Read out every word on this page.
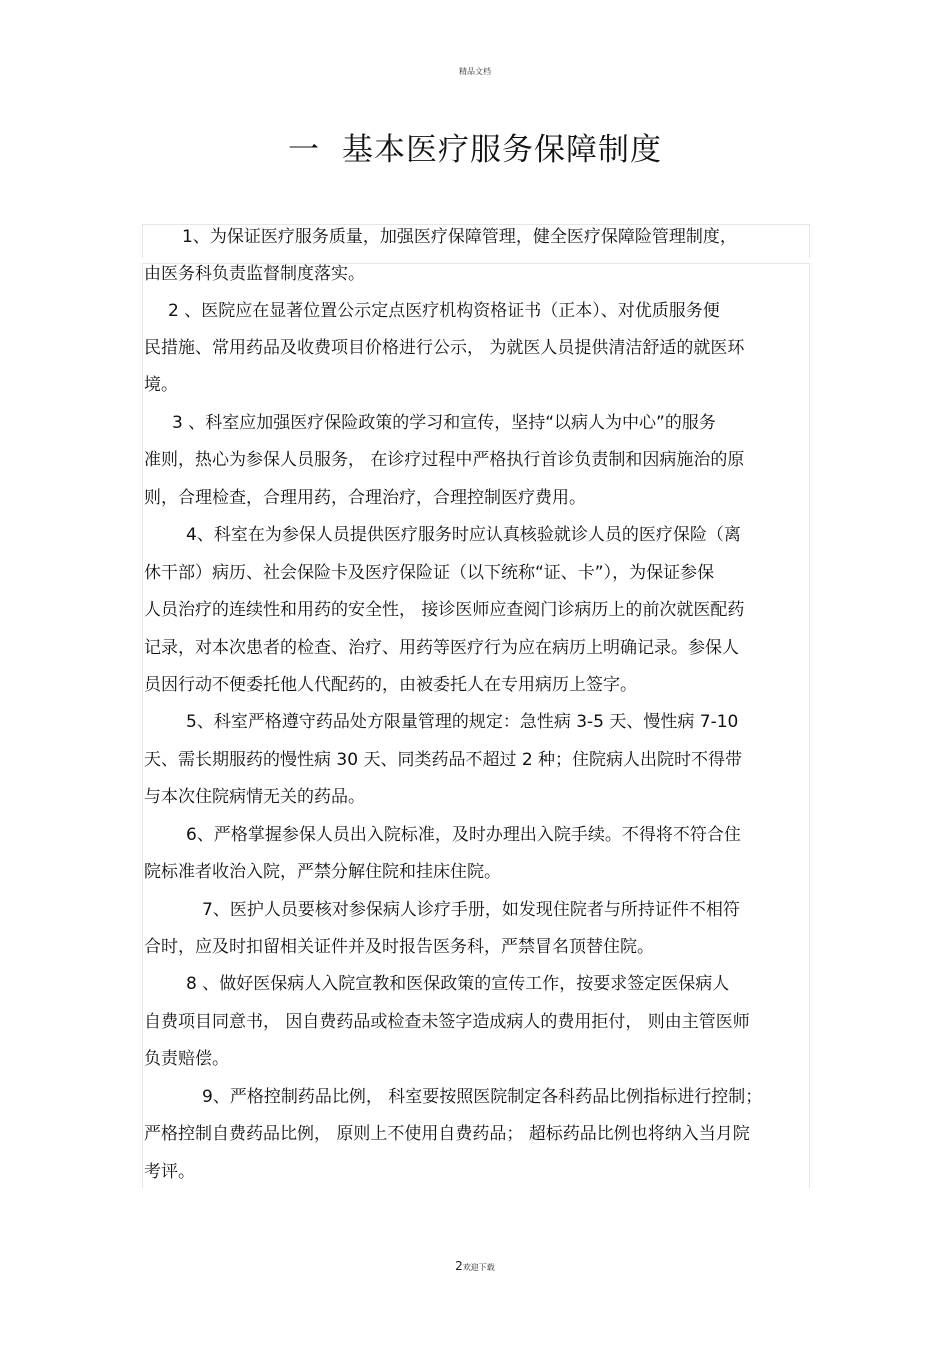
精品文档
一 基本医疗服务保障制度
1、为保证医疗服务质量，加强医疗保障管理，健全医疗保障险管理制度，
由医务科负责监督制度落实。
2 、医院应在显著位置公示定点医疗机构资格证书（正本）、对优质服务便
民措施、常用药品及收费项目价格进行公示， 为就医人员提供清洁舒适的就医环
境。
3 、科室应加强医疗保险政策的学习和宣传，坚持“以病人为中心”的服务
准则，热心为参保人员服务， 在诊疗过程中严格执行首诊负责制和因病施治的原
则，合理检查，合理用药，合理治疗，合理控制医疗费用。
4、科室在为参保人员提供医疗服务时应认真核验就诊人员的医疗保险（离
休干部）病历、社会保险卡及医疗保险证（以下统称“证、卡”），为保证参保
人员治疗的连续性和用药的安全性， 接诊医师应查阅门诊病历上的前次就医配药
记录，对本次患者的检查、治疗、用药等医疗行为应在病历上明确记录。参保人
员因行动不便委托他人代配药的，由被委托人在专用病历上签字。
5、科室严格遵守药品处方限量管理的规定：急性病 3-5 天、慢性病 7-10
天、需长期服药的慢性病 30 天、同类药品不超过 2 种；住院病人出院时不得带
与本次住院病情无关的药品。
6、严格掌握参保人员出入院标准，及时办理出入院手续。不得将不符合住
院标准者收治入院，严禁分解住院和挂床住院。
7、医护人员要核对参保病人诊疗手册，如发现住院者与所持证件不相符
合时，应及时扣留相关证件并及时报告医务科，严禁冒名顶替住院。
8 、做好医保病人入院宣教和医保政策的宣传工作，按要求签定医保病人
自费项目同意书， 因自费药品或检查未签字造成病人的费用拒付， 则由主管医师
负责赔偿。
9、严格控制药品比例， 科室要按照医院制定各科药品比例指标进行控制；
严格控制自费药品比例， 原则上不使用自费药品； 超标药品比例也将纳入当月院
考评。
2欢迎下载
